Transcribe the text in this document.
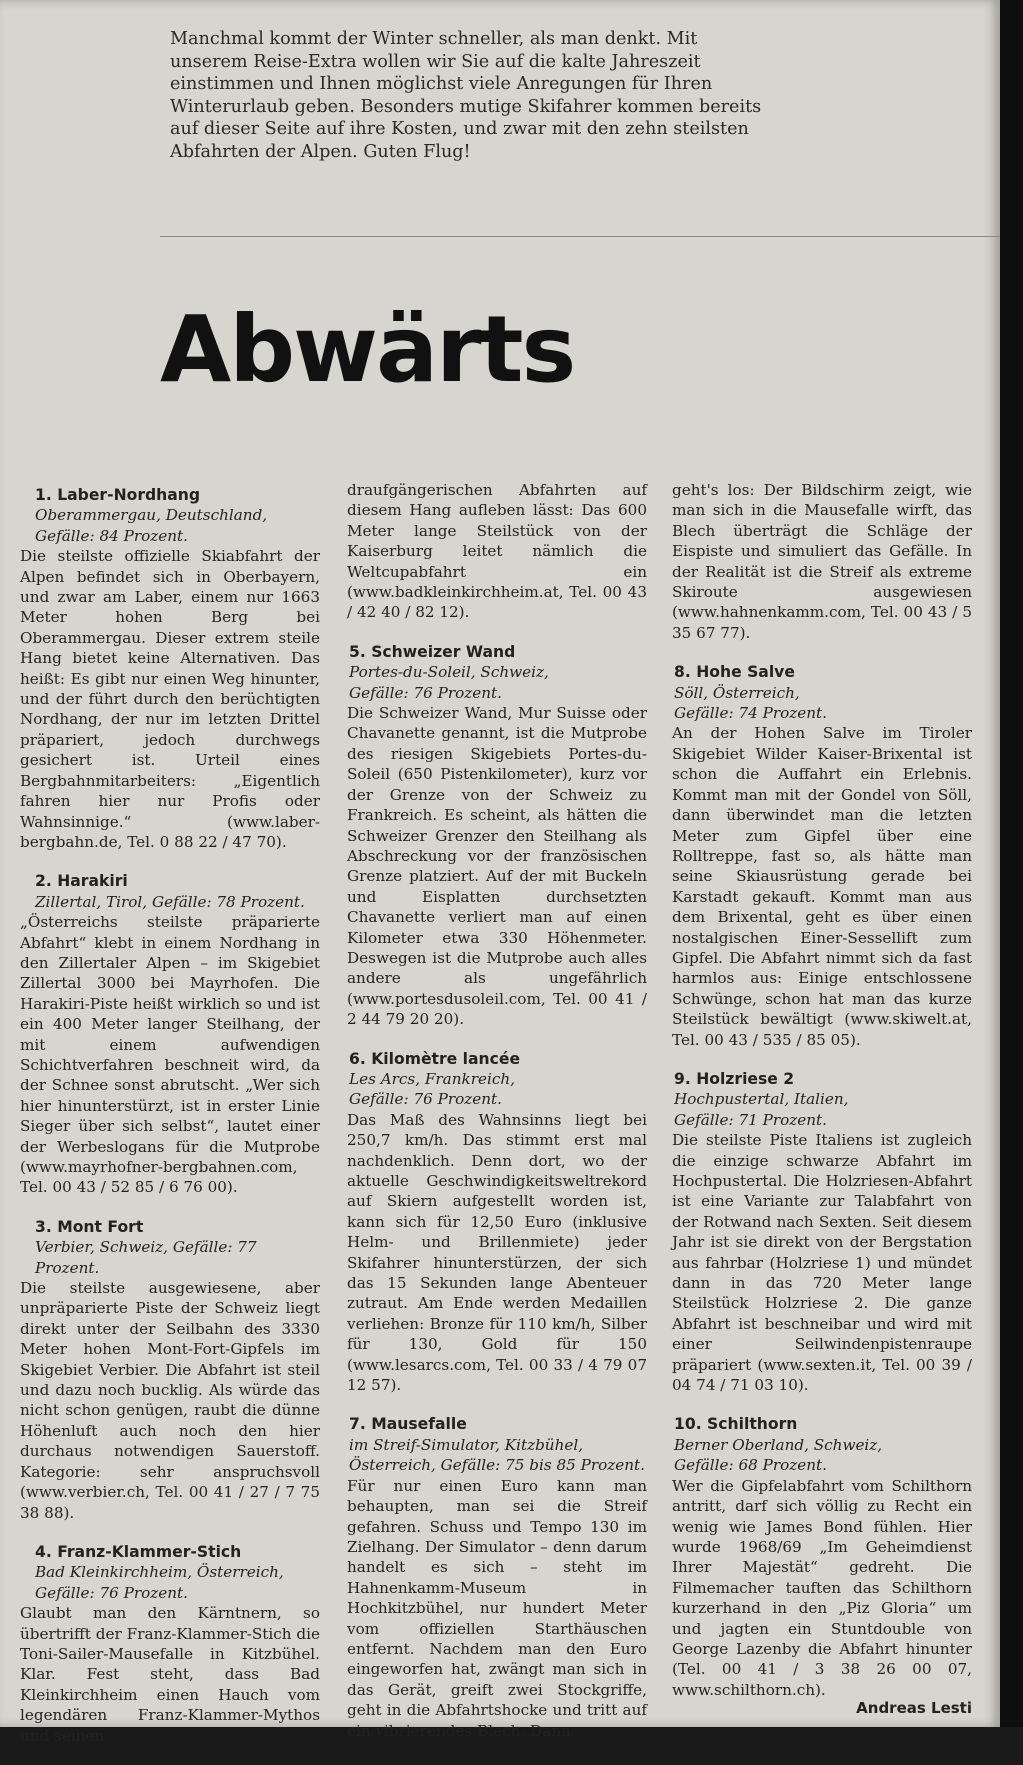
Manchmal kommt der Winter schneller, als man denkt. Mit unserem Reise-Extra wollen wir Sie auf die kalte Jahreszeit einstimmen und Ihnen möglichst viele Anregungen für Ihren Winterurlaub geben. Besonders mutige Skifahrer kommen bereits auf dieser Seite auf ihre Kosten, und zwar mit den zehn steilsten Abfahrten der Alpen. Guten Flug!
Abwärts
1. Laber-Nordhang
Oberammergau, Deutschland,
Gefälle: 84 Prozent.
Die steilste offizielle Skiabfahrt der Alpen befindet sich in Oberbayern, und zwar am Laber, einem nur 1663 Meter hohen Berg bei Oberammergau. Dieser extrem steile Hang bietet keine Alternativen. Das heißt: Es gibt nur einen Weg hinunter, und der führt durch den berüchtigten Nordhang, der nur im letzten Drittel präpariert, jedoch durchwegs gesichert ist. Urteil eines Bergbahnmitarbeiters: „Eigentlich fahren hier nur Profis oder Wahnsinnige.“ (www.laber-bergbahn.de, Tel. 0 88 22 / 47 70).
2. Harakiri
Zillertal, Tirol, Gefälle: 78 Prozent.
„Österreichs steilste präparierte Abfahrt“ klebt in einem Nordhang in den Zillertaler Alpen – im Skigebiet Zillertal 3000 bei Mayrhofen. Die Harakiri-Piste heißt wirklich so und ist ein 400 Meter langer Steilhang, der mit einem aufwendigen Schichtverfahren beschneit wird, da der Schnee sonst abrutscht. „Wer sich hier hinunterstürzt, ist in erster Linie Sieger über sich selbst“, lautet einer der Werbeslogans für die Mutprobe (www.mayrhofner-bergbahnen.com, Tel. 00 43 / 52 85 / 6 76 00).
3. Mont Fort
Verbier, Schweiz, Gefälle: 77 Prozent.
Die steilste ausgewiesene, aber unpräparierte Piste der Schweiz liegt direkt unter der Seilbahn des 3330 Meter hohen Mont-Fort-Gipfels im Skigebiet Verbier. Die Abfahrt ist steil und dazu noch bucklig. Als würde das nicht schon genügen, raubt die dünne Höhenluft auch noch den hier durchaus notwendigen Sauerstoff. Kategorie: sehr anspruchsvoll (www.verbier.ch, Tel. 00 41 / 27 / 7 75 38 88).
4. Franz-Klammer-Stich
Bad Kleinkirchheim, Österreich,
Gefälle: 76 Prozent.
Glaubt man den Kärntnern, so übertrifft der Franz-Klammer-Stich die Toni-Sailer-Mausefalle in Kitzbühel. Klar. Fest steht, dass Bad Kleinkirchheim einen Hauch vom legendären Franz-Klammer-Mythos und seinen
draufgängerischen Abfahrten auf diesem Hang aufleben lässt: Das 600 Meter lange Steilstück von der Kaiserburg leitet nämlich die Weltcupabfahrt ein (www.badkleinkirchheim.at, Tel. 00 43 / 42 40 / 82 12).
5. Schweizer Wand
Portes-du-Soleil, Schweiz,
Gefälle: 76 Prozent.
Die Schweizer Wand, Mur Suisse oder Chavanette genannt, ist die Mutprobe des riesigen Skigebiets Portes-du-Soleil (650 Pistenkilometer), kurz vor der Grenze von der Schweiz zu Frankreich. Es scheint, als hätten die Schweizer Grenzer den Steilhang als Abschreckung vor der französischen Grenze platziert. Auf der mit Buckeln und Eisplatten durchsetzten Chavanette verliert man auf einen Kilometer etwa 330 Höhenmeter. Deswegen ist die Mutprobe auch alles andere als ungefährlich (www.portesdusoleil.com, Tel. 00 41 / 2 44 79 20 20).
6. Kilomètre lancée
Les Arcs, Frankreich,
Gefälle: 76 Prozent.
Das Maß des Wahnsinns liegt bei 250,7 km/h. Das stimmt erst mal nachdenklich. Denn dort, wo der aktuelle Geschwindigkeitsweltrekord auf Skiern aufgestellt worden ist, kann sich für 12,50 Euro (inklusive Helm- und Brillenmiete) jeder Skifahrer hinunterstürzen, der sich das 15 Sekunden lange Abenteuer zutraut. Am Ende werden Medaillen verliehen: Bronze für 110 km/h, Silber für 130, Gold für 150 (www.lesarcs.com, Tel. 00 33 / 4 79 07 12 57).
7. Mausefalle
im Streif-Simulator, Kitzbühel,
Österreich, Gefälle: 75 bis 85 Prozent.
Für nur einen Euro kann man behaupten, man sei die Streif gefahren. Schuss und Tempo 130 im Zielhang. Der Simulator – denn darum handelt es sich – steht im Hahnenkamm-Museum in Hochkitzbühel, nur hundert Meter vom offiziellen Starthäuschen entfernt. Nachdem man den Euro eingeworfen hat, zwängt man sich in das Gerät, greift zwei Stockgriffe, geht in die Abfahrtshocke und tritt auf ein vibrierendes Blech. Dann
geht's los: Der Bildschirm zeigt, wie man sich in die Mausefalle wirft, das Blech überträgt die Schläge der Eispiste und simuliert das Gefälle. In der Realität ist die Streif als extreme Skiroute ausgewiesen (www.hahnenkamm.com, Tel. 00 43 / 5 35 67 77).
8. Hohe Salve
Söll, Österreich,
Gefälle: 74 Prozent.
An der Hohen Salve im Tiroler Skigebiet Wilder Kaiser-Brixental ist schon die Auffahrt ein Erlebnis. Kommt man mit der Gondel von Söll, dann überwindet man die letzten Meter zum Gipfel über eine Rolltreppe, fast so, als hätte man seine Skiausrüstung gerade bei Karstadt gekauft. Kommt man aus dem Brixental, geht es über einen nostalgischen Einer-Sessellift zum Gipfel. Die Abfahrt nimmt sich da fast harmlos aus: Einige entschlossene Schwünge, schon hat man das kurze Steilstück bewältigt (www.skiwelt.at, Tel. 00 43 / 535 / 85 05).
9. Holzriese 2
Hochpustertal, Italien,
Gefälle: 71 Prozent.
Die steilste Piste Italiens ist zugleich die einzige schwarze Abfahrt im Hochpustertal. Die Holzriesen-Abfahrt ist eine Variante zur Talabfahrt von der Rotwand nach Sexten. Seit diesem Jahr ist sie direkt von der Bergstation aus fahrbar (Holzriese 1) und mündet dann in das 720 Meter lange Steilstück Holzriese 2. Die ganze Abfahrt ist beschneibar und wird mit einer Seilwindenpistenraupe präpariert (www.sexten.it, Tel. 00 39 / 04 74 / 71 03 10).
10. Schilthorn
Berner Oberland, Schweiz,
Gefälle: 68 Prozent.
Wer die Gipfelabfahrt vom Schilthorn antritt, darf sich völlig zu Recht ein wenig wie James Bond fühlen. Hier wurde 1968/69 „Im Geheimdienst Ihrer Majestät“ gedreht. Die Filmemacher tauften das Schilthorn kurzerhand in den „Piz Gloria“ um und jagten ein Stuntdouble von George Lazenby die Abfahrt hinunter (Tel. 00 41 / 3 38 26 00 07, www.schilthorn.ch).
Andreas Lesti
